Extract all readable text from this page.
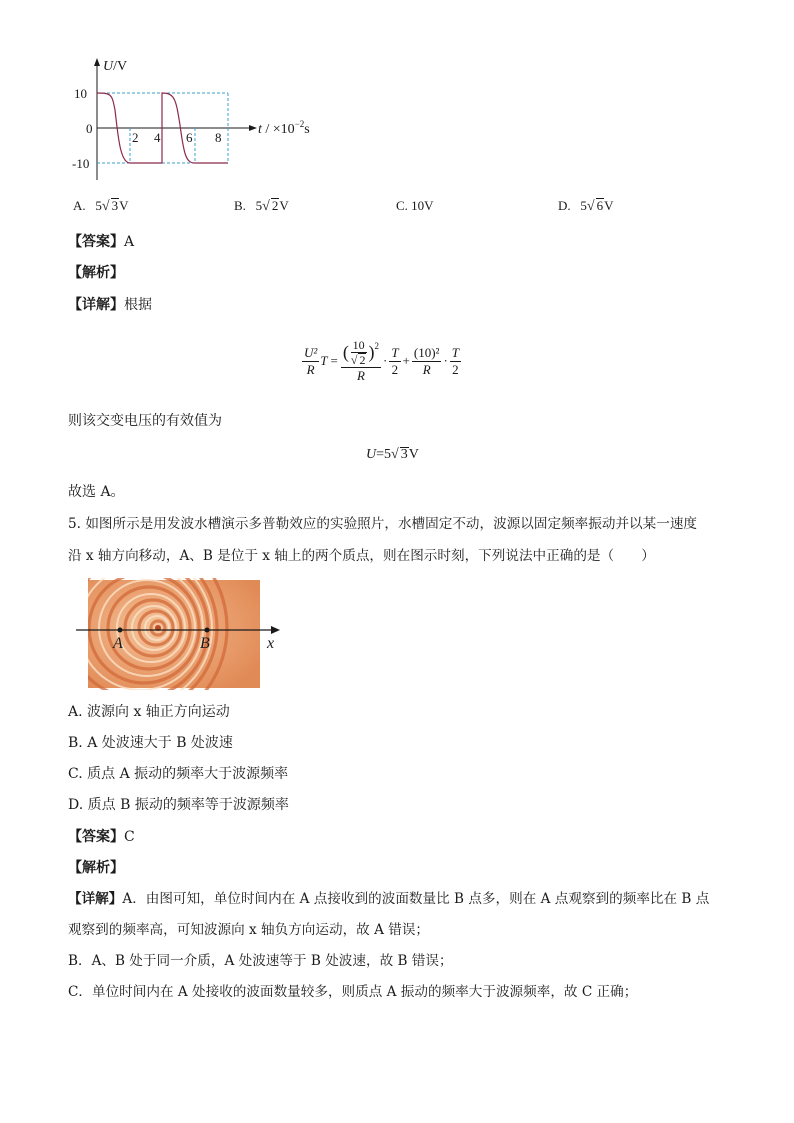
U/V
10
0
-10
2 4 6 8
$t / \times 10^{-2}s$
A. 5√ 3V	B. 5√ 2V	C. 10V	D. 5√ 6V
【答案】A
【解析】
【详解】根据
$\frac{\text{U²}}{R}$ $T = \frac{( \frac{10}{√ 2} ) 2}{R} \cdot \frac{T}{2} + \frac{\text{(10)²}}{R} \cdot \frac{T}{2}$
则该交变电压的有效值为
U=5√ 3V
故选 A。
5. 如图所示是用发波水槽演示多普勒效应的实验照片，水槽固定不动，波源以固定频率振动并以某一速度
沿 x 轴方向移动，A、B 是位于 x 轴上的两个质点，则在图示时刻，下列说法中正确的是（　　）
A	B	x
A. 波源向 x 轴正方向运动
B. A 处波速大于 B 处波速
C. 质点 A 振动的频率大于波源频率
D. 质点 B 振动的频率等于波源频率
【答案】C
【解析】
【详解】A．由图可知，单位时间内在 A 点接收到的波面数量比 B 点多，则在 A 点观察到的频率比在 B 点
观察到的频率高，可知波源向 x 轴负方向运动，故 A 错误；
B．A、B 处于同一介质，A 处波速等于 B 处波速，故 B 错误；
C．单位时间内在 A 处接收的波面数量较多，则质点 A 振动的频率大于波源频率，故 C 正确；
